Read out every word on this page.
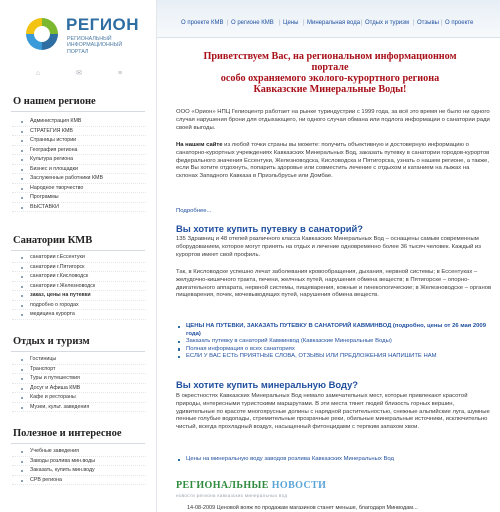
РЕГИОН
РЕГИОНАЛЬНЫЙ ИНФОРМАЦИОННЫЙ ПОРТАЛ
⌂	✉	≡
О нашем регионе
Администрация КМВ
СТРАТЕГИЯ КМВ
Страницы истории
География региона
Культура региона
Бизнес и площадки
Заслуженные работники КМВ
Народное творчество
Программы
ВЫСТАВКИ
Санатории КМВ
санатории г.Ессентуки
санатории г.Пятигорск
санатории г.Кисловодск
санатории г.Железноводск
заказ, цены на путевки
подробно о городах
медицина курорта
Отдых и туризм
Гостиницы
Транспорт
Туры и путешествия
Досуг и Афиша КМВ
Кафе и рестораны
Музеи, культ. заведения
Полезное и интересное
Учебные заведения
Заводы розлива мин.воды
Заказать, купить мин.воду
СРВ региона
О проекте КМВ | О регионе КМВ | Цены | Минеральная вода | Отдых и туризм | Отзывы | О проекте
Приветствуем Вас, на региональном информационном
портале
особо охраняемого эколого-курортного региона
Кавказские Минеральные Воды!
ООО «Орион» НПЦ Гелиоцентр работает на рынке туриндустрии с 1999 года, за всё это время не было ни одного случая нарушения брони для отдыхающего, ни одного случая обмана или подлога информации о санатории ради своей выгоды.
На нашем сайте из любой точки страны вы можете: получить объективную и достоверную информацию о санаторно-курортных учреждениях Кавказских Минеральных Вод, заказать путевку в санатории городов-курортов федерального значения Ессентуки, Железноводска, Кисловодска и Пятигорска, узнать о нашем регионе, а также, если Вы хотите отдохнуть, попарить здоровье или совместить лечение с отдыхом и катанием на лыжах на склонах Западного Кавказа в Приэльбрусье или Домбае.
Подробнее...
Вы хотите купить путевку в санаторий?
135 Здравниц и 48 отелей различного класса Кавказских Минеральных Вод – оснащены самым современным оборудованием, которое могут принять на отдых и лечение одновременно более 36 тысяч человек. Каждый из курортов имеет свой профиль.
Так, в Кисловодске успешно лечат заболевания кровообращения, дыхания, нервной системы; в Ессентуках – желудочно-кишечного тракта, печени, желчных путей, нарушения обмена веществ; в Пятигорске – опорно-двигательного аппарата, нервной системы, пищеварения, кожные и гинекологические; в Железноводске – органов пищеварения, почек, мочевыводящих путей, нарушения обмена веществ.
ЦЕНЫ НА ПУТЕВКИ, ЗАКАЗАТЬ ПУТЕВКУ В САНАТОРИЙ КАВМИНВОД (подробно, цены от 26 мая 2009 года)
Заказать путевку в санаторий Кавминвод (Кавказские Минеральные Воды)
Полная информация о всех санаториях
ЕСЛИ У ВАС ЕСТЬ ПРИЯТНЫЕ СЛОВА, ОТЗЫВЫ ИЛИ ПРЕДЛОЖЕНИЯ НАПИШИТЕ НАМ
Вы хотите купить минеральную Воду?
В окрестностях Кавказских Минеральных Вод немало замечательных мест, которые привлекают красотой природы, интересными туристскими маршрутами. В эти места тянет людей близость горных вершин, удивительные по красоте многоярусные долины с нарядной растительностью, снежные альпийские луга, шумные пенные голубые водопады, стремительные прозрачные реки, обильные минеральные источники, исключительно чистый, всегда прохладный воздух, насыщенный фитонцидами с терпким запахом хвои.
Цены на минеральную воду заводов розлива Кавказских Минеральных Вод
РЕГИОНАЛЬНЫЕ НОВОСТИ
новости региона кавказских минеральных вод
14-08-2009 Ценовой вояж по продажам магазинов станет меньше, благодаря Минводам...
